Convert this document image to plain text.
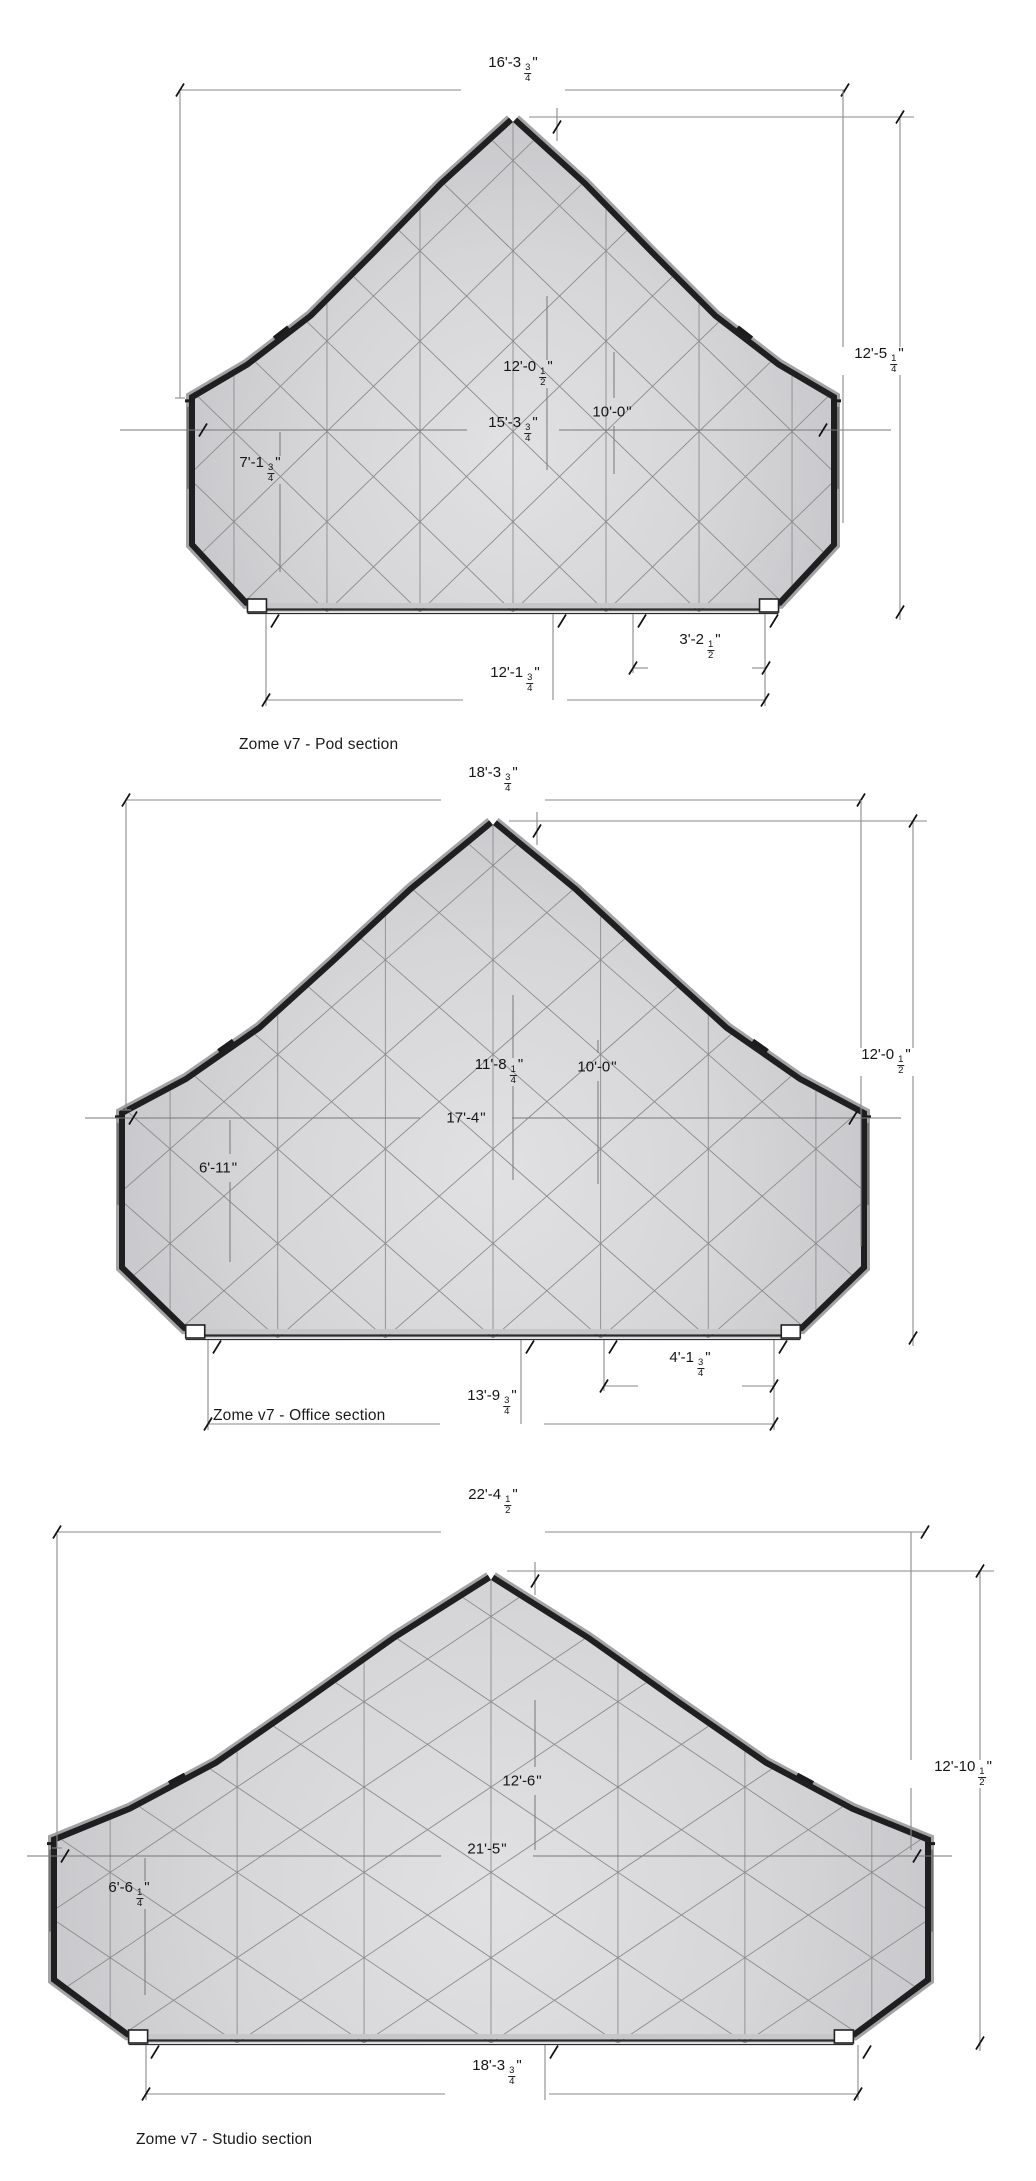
16'-3
$\frac{3}{4}$
"
12'-5
$\frac{1}{4}$
"
12'-0
$\frac{1}{2}$
"
10'-0"
15'-3
$\frac{3}{4}$
"
7'-1
$\frac{3}{4}$
"
3'-2
$\frac{1}{2}$
"
12'-1
$\frac{3}{4}$
"
18'-3
$\frac{3}{4}$
"
12'-0
$\frac{1}{2}$
"
11'-8
$\frac{1}{4}$
"	10'-0"
17'-4"
6'-11"
4'-1
$\frac{3}{4}$
"
13'-9
$\frac{3}{4}$
"
22'-4
$\frac{1}{2}$
"
12'-10
$\frac{1}{2}$
"
12'-6"
21'-5"
6'-6
$\frac{1}{4}$
"
18'-3
$\frac{3}{4}$
"
Zome v7 - Pod section
Zome v7 - Office section
Zome v7 - Studio section
